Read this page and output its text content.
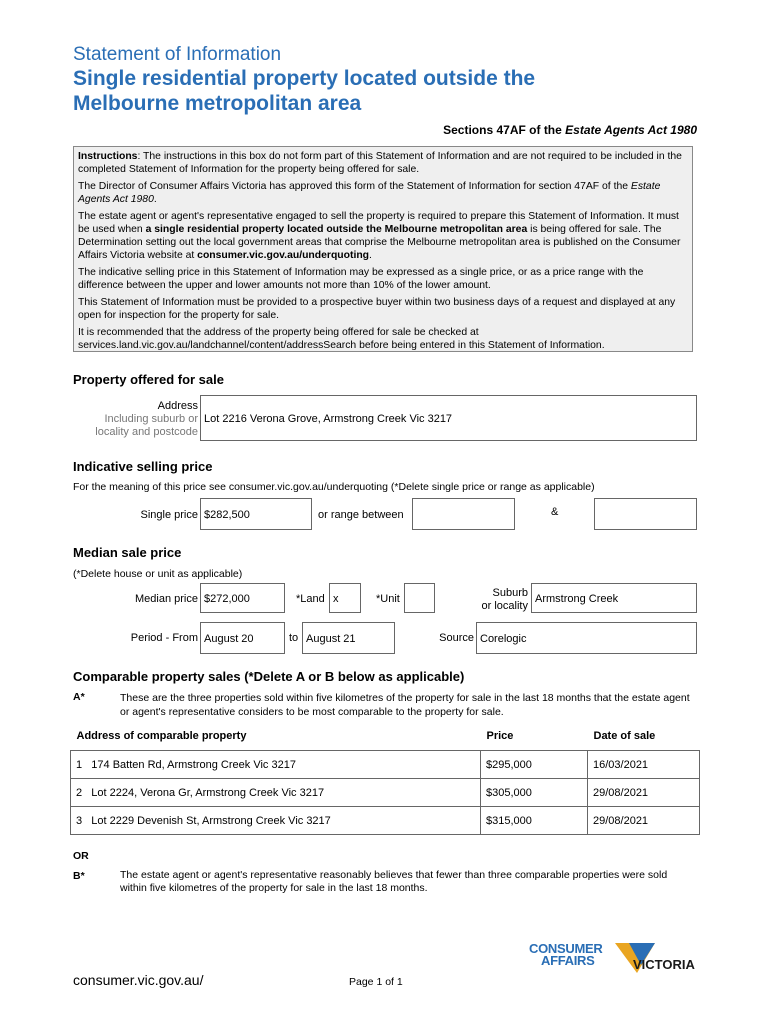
Statement of Information
Single residential property located outside the
Melbourne metropolitan area
Sections 47AF of the Estate Agents Act 1980

Instructions: The instructions in this box do not form part of this Statement of Information and are not required to be included in the completed Statement of Information for the property being offered for sale.

The Director of Consumer Affairs Victoria has approved this form of the Statement of Information for section 47AF of the Estate Agents Act 1980.

The estate agent or agent's representative engaged to sell the property is required to prepare this Statement of Information. It must be used when a single residential property located outside the Melbourne metropolitan area is being offered for sale. The Determination setting out the local government areas that comprise the Melbourne metropolitan area is published on the Consumer Affairs Victoria website at consumer.vic.gov.au/underquoting.

The indicative selling price in this Statement of Information may be expressed as a single price, or as a price range with the difference between the upper and lower amounts not more than 10% of the lower amount.

This Statement of Information must be provided to a prospective buyer within two business days of a request and displayed at any open for inspection for the property for sale.

It is recommended that the address of the property being offered for sale be checked at services.land.vic.gov.au/landchannel/content/addressSearch before being entered in this Statement of Information.

Property offered for sale
Address
Including suburb or
locality and postcode
Lot 2216 Verona Grove, Armstrong Creek Vic 3217
Indicative selling price
For the meaning of this price see consumer.vic.gov.au/underquoting (*Delete single price or range as applicable)
Single price $282,500	or range between	&
Median sale price
(*Delete house or unit as applicable)
Median price $272,000	*Land x	*Unit	Suburb
or locality
Armstrong Creek
Period - From August 20	to August 21	Source Corelogic
Comparable property sales (*Delete A or B below as applicable)
A*	These are the three properties sold within five kilometres of the property for sale in the last 18 months that the estate agent or agent's representative considers to be most comparable to the property for sale.
Address of comparable property	Price	Date of sale
1 174 Batten Rd, Armstrong Creek Vic 3217	$295,000	16/03/2021
2 Lot 2224, Verona Gr, Armstrong Creek Vic 3217	$305,000	29/08/2021
3 Lot 2229 Devenish St, Armstrong Creek Vic 3217	$315,000	29/08/2021
OR
B*	The estate agent or agent's representative reasonably believes that fewer than three comparable properties were sold within five kilometres of the property for sale in the last 18 months.
CONSUMER
AFFAIRS	VICTORIA
consumer.vic.gov.au/	Page 1 of 1
